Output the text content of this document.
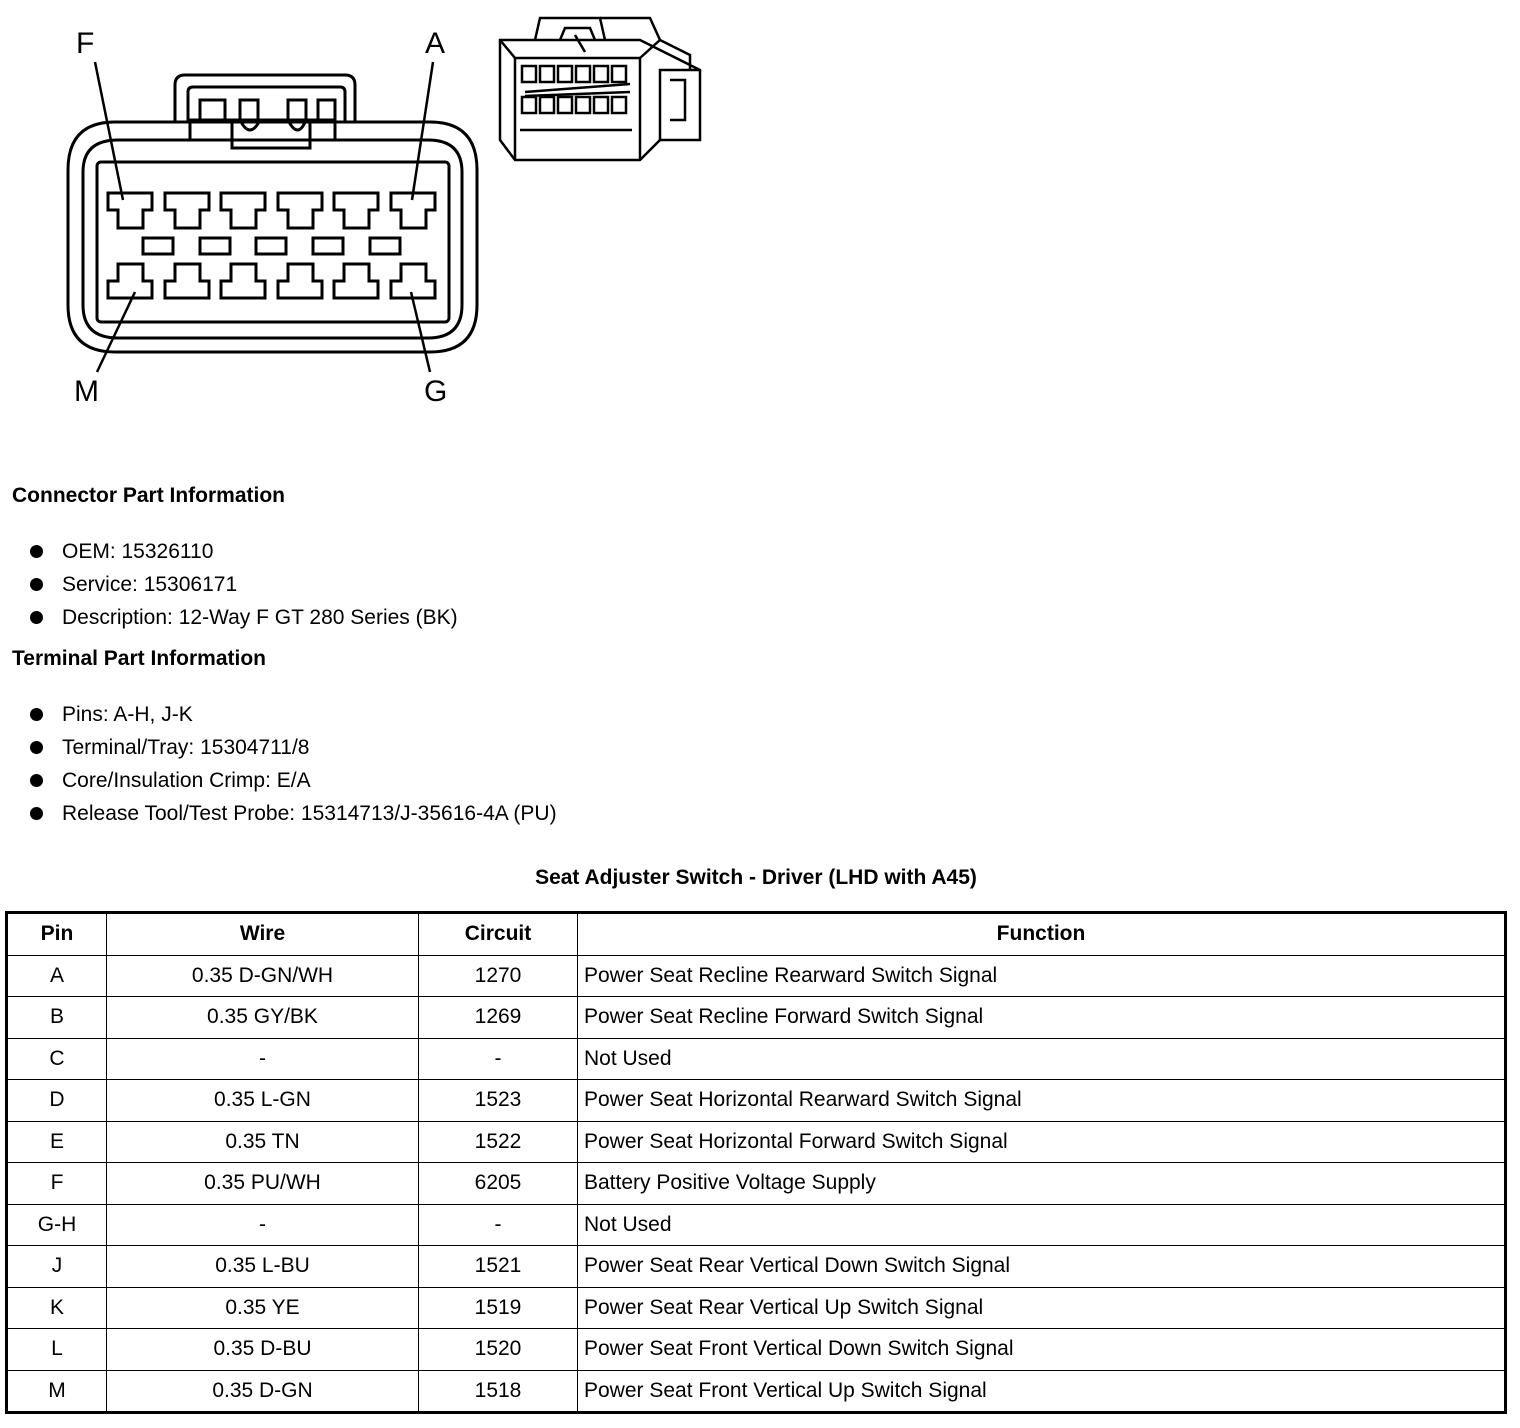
F	A
M	G
Connector Part Information
OEM: 15326110
Service: 15306171
Description: 12-Way F GT 280 Series (BK)
Terminal Part Information
Pins: A-H, J-K
Terminal/Tray: 15304711/8
Core/Insulation Crimp: E/A
Release Tool/Test Probe: 15314713/J-35616-4A (PU)
Seat Adjuster Switch - Driver (LHD with A45)
Pin	Wire	Circuit	Function
A	0.35 D-GN/WH	1270	Power Seat Recline Rearward Switch Signal
B	0.35 GY/BK	1269	Power Seat Recline Forward Switch Signal
C	-	-	Not Used
D	0.35 L-GN	1523	Power Seat Horizontal Rearward Switch Signal
E	0.35 TN	1522	Power Seat Horizontal Forward Switch Signal
F	0.35 PU/WH	6205	Battery Positive Voltage Supply
G-H	-	-	Not Used
J	0.35 L-BU	1521	Power Seat Rear Vertical Down Switch Signal
K	0.35 YE	1519	Power Seat Rear Vertical Up Switch Signal
L	0.35 D-BU	1520	Power Seat Front Vertical Down Switch Signal
M	0.35 D-GN	1518	Power Seat Front Vertical Up Switch Signal
